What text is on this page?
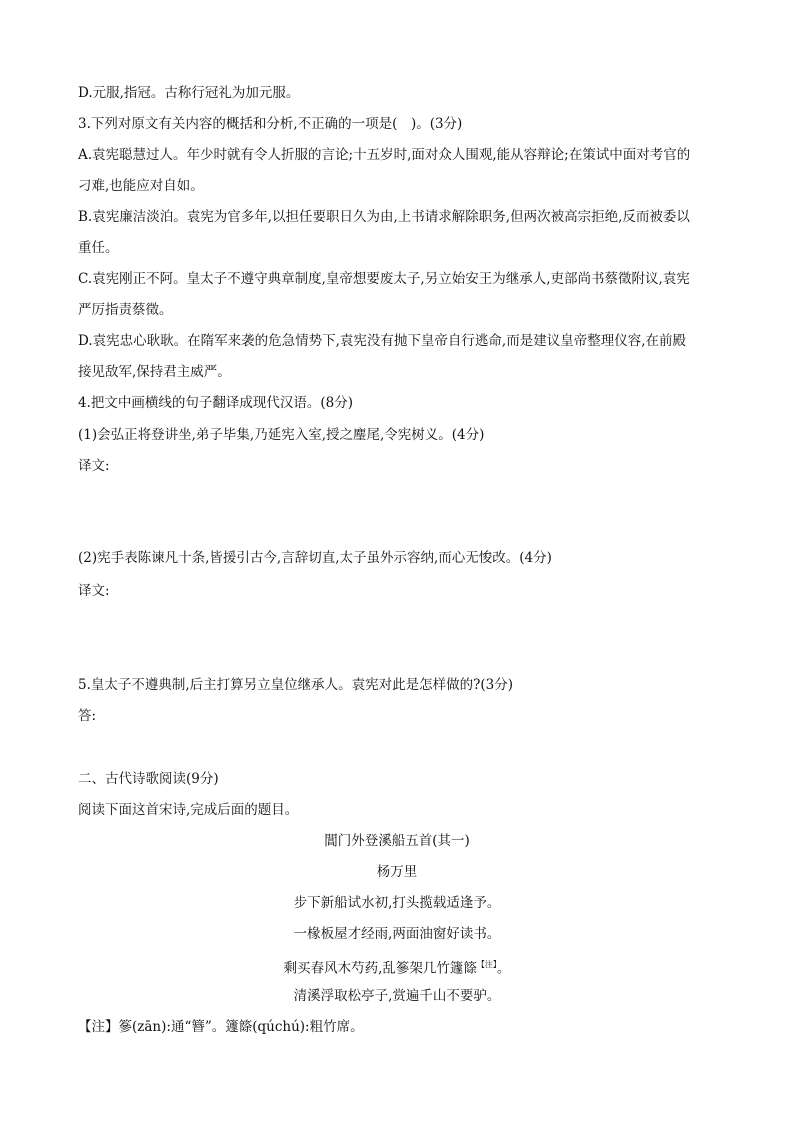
D.元服,指冠。古称行冠礼为加元服。
3.下列对原文有关内容的概括和分析,不正确的一项是(　)。(3分)
A.袁宪聪慧过人。年少时就有令人折服的言论;十五岁时,面对众人围观,能从容辩论;在策试中面对考官的
刁难,也能应对自如。
B.袁宪廉洁淡泊。袁宪为官多年,以担任要职日久为由,上书请求解除职务,但两次被高宗拒绝,反而被委以
重任。
C.袁宪刚正不阿。皇太子不遵守典章制度,皇帝想要废太子,另立始安王为继承人,吏部尚书蔡徵附议,袁宪
严厉指责蔡徵。
D.袁宪忠心耿耿。在隋军来袭的危急情势下,袁宪没有抛下皇帝自行逃命,而是建议皇帝整理仪容,在前殿
接见敌军,保持君主威严。
4.把文中画横线的句子翻译成现代汉语。(8分)
(1)会弘正将登讲坐,弟子毕集,乃延宪入室,授之麈尾,令宪树义。(4分)
译文:
(2)宪手表陈谏凡十条,皆援引古今,言辞切直,太子虽外示容纳,而心无悛改。(4分)
译文:
5.皇太子不遵典制,后主打算另立皇位继承人。袁宪对此是怎样做的?(3分)
答:
二、古代诗歌阅读(9分)
阅读下面这首宋诗,完成后面的题目。
閶门外登溪船五首(其一)
杨万里
步下新船试水初,打头揽载适逢予。
一椽板屋才经雨,两面油窗好读书。
剩买春风木芍药,乱篸架几竹籧篨$^{【注】}$。
清溪浮取松亭子,赏遍千山不要驴。
【注】篸(zān):通“簪”。籧篨(qúchú):粗竹席。
